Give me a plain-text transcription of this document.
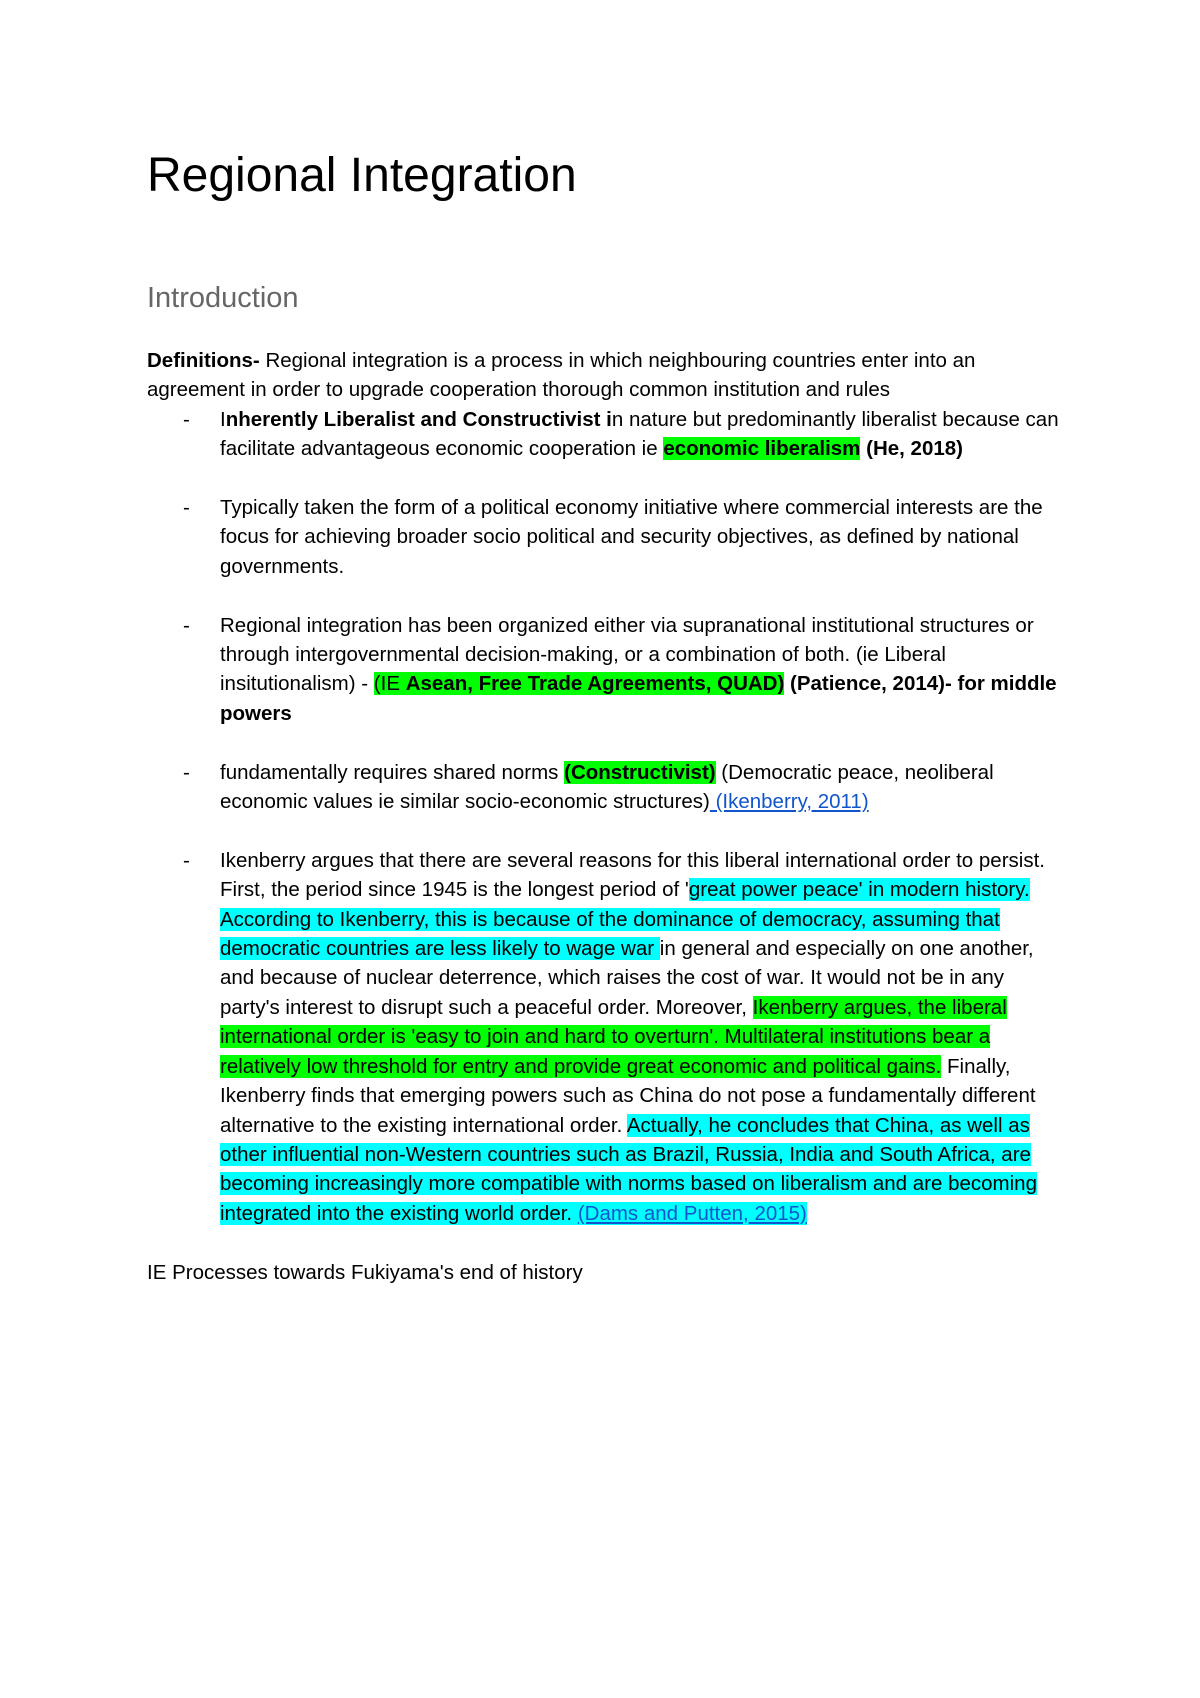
Regional Integration
Introduction

Definitions- Regional integration is a process in which neighbouring countries enter into an agreement in order to upgrade cooperation thorough common institution and rules

- Inherently Liberalist and Constructivist in nature but predominantly liberalist because can facilitate advantageous economic cooperation ie economic liberalism (He, 2018)
- Typically taken the form of a political economy initiative where commercial interests are the focus for achieving broader socio political and security objectives, as defined by national governments.
- Regional integration has been organized either via supranational institutional structures or through intergovernmental decision-making, or a combination of both. (ie Liberal insitutionalism) - (IE Asean, Free Trade Agreements, QUAD) (Patience, 2014)- for middle powers
- fundamentally requires shared norms (Constructivist) (Democratic peace, neoliberal economic values ie similar socio-economic structures) (Ikenberry, 2011)
- Ikenberry argues that there are several reasons for this liberal international order to persist. First, the period since 1945 is the longest period of 'great power peace' in modern history. According to Ikenberry, this is because of the dominance of democracy, assuming that democratic countries are less likely to wage war in general and especially on one another, and because of nuclear deterrence, which raises the cost of war. It would not be in any party's interest to disrupt such a peaceful order. Moreover, Ikenberry argues, the liberal international order is 'easy to join and hard to overturn'. Multilateral institutions bear a relatively low threshold for entry and provide great economic and political gains. Finally, Ikenberry finds that emerging powers such as China do not pose a fundamentally different alternative to the existing international order. Actually, he concludes that China, as well as other influential non-Western countries such as Brazil, Russia, India and South Africa, are becoming increasingly more compatible with norms based on liberalism and are becoming integrated into the existing world order. (Dams and Putten, 2015)

IE Processes towards Fukiyama's end of history
